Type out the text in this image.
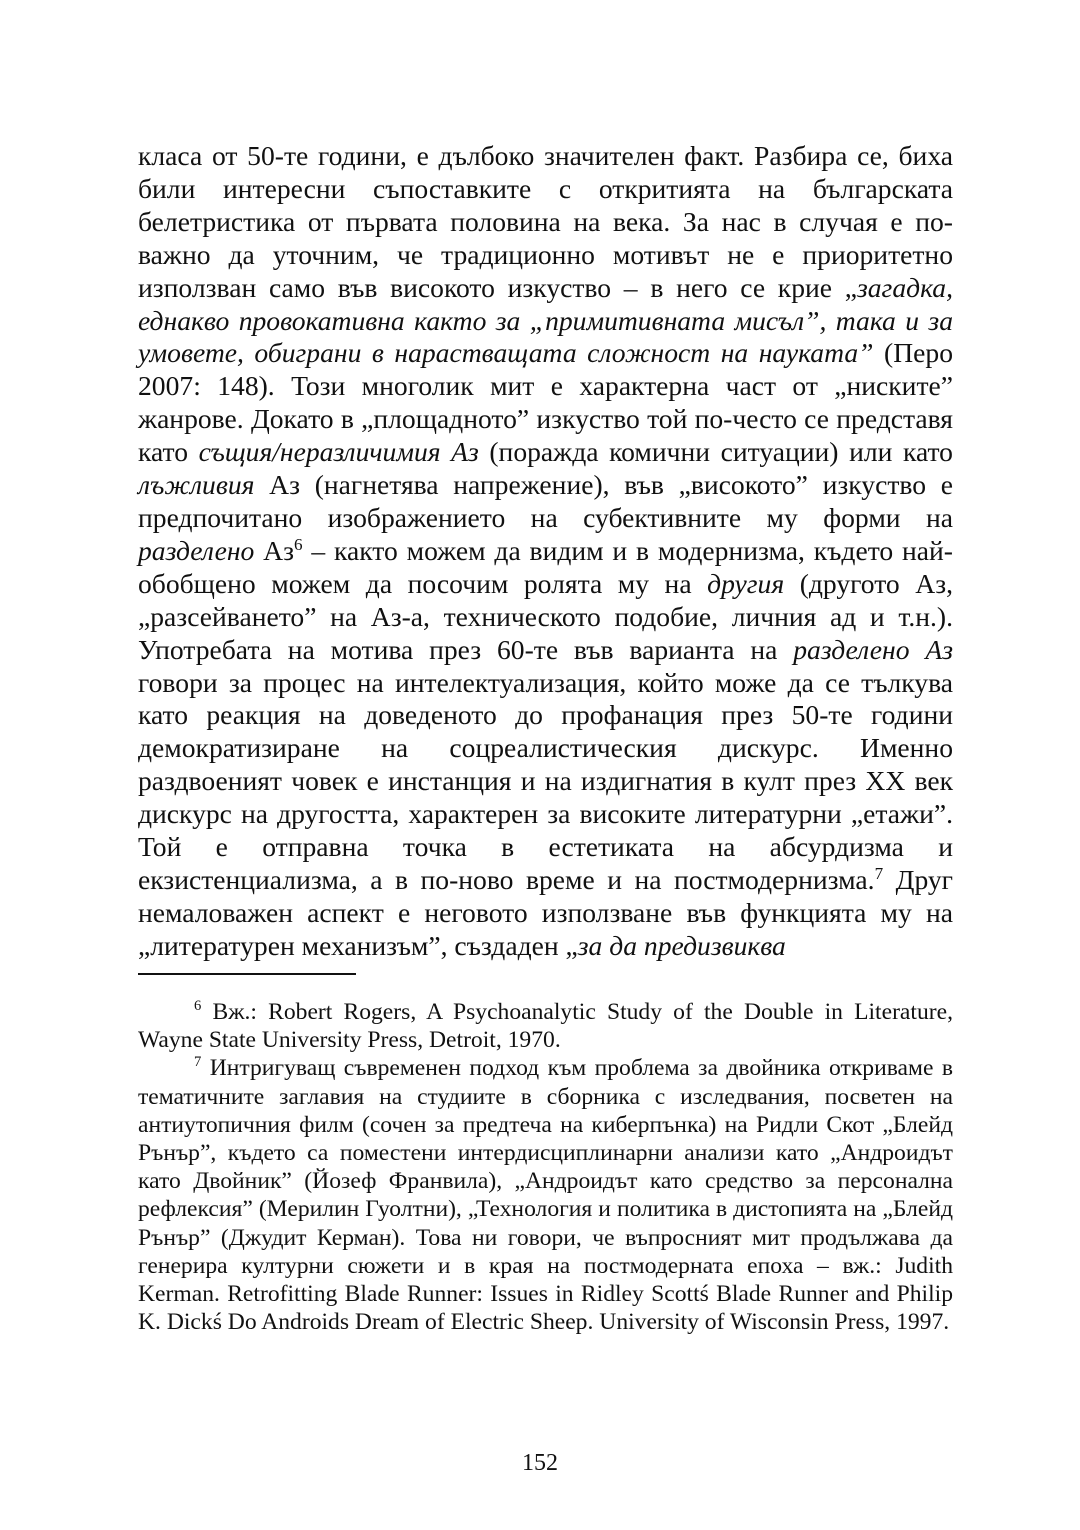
класа от 50-те години, е дълбоко значителен факт. Разбира се, биха били интересни съпоставките с откритията на българската белетристика от първата половина на века. За нас в случая е по-важно да уточним, че традиционно мотивът не е приоритетно използван само във високото изкуство – в него се крие „загадка, еднакво провокативна както за „примитивната мисъл”, така и за умовете, обиграни в нарастващата сложност на науката” (Перо 2007: 148). Този многолик мит е характерна част от „ниските” жанрове. Докато в „площадното” изкуство той по-често се представя като същия/неразличимия Аз (поражда комични ситуации) или като лъжливия Аз (нагнетява напрежение), във „високото” изкуство е предпочитано изображението на субективните му форми на разделено $Аз^6$ – както можем да видим и в модернизма, където най-обобщено можем да посочим ролята му на другия (другото Аз, „разсейването” на Аз-а, техническото подобие, личния ад и т.н.). Употребата на мотива през 60-те във варианта на разделено Аз говори за процес на интелектуализация, който може да се тълкува като реакция на доведеното до профанация през 50-те години демократизиране на соцреалистическия дискурс. Именно раздвоеният човек е инстанция и на издигнатия в култ през XX век дискурс на другостта, характерен за високите литературни „етажи”. Той е отправна точка в естетиката на абсурдизма и екзистенциализма, а в по-ново време и на постмодернизма.$^7$ Друг немаловажен аспект е неговото използване във функцията му на „литературен механизъм”, създаден „за да предизвиква

$^6$ Вж.: Robert Rogers, A Psychoanalytic Study of the Double in Literature, Wayne State University Press, Detroit, 1970.

$^7$ Интригуващ съвременен подход към проблема за двойника откриваме в тематичните заглавия на студиите в сборника с изследвания, посветен на антиутопичния филм (сочен за предтеча на киберпънка) на Ридли Скот „Блейд Рънър”, където са поместени интердисциплинарни анализи като „Андроидът като Двойник” (Йозеф Франвила), „Андроидът като средство за персонална рефлексия” (Мерилин Гуолтни), „Технология и политика в дистопията на „Блейд Рънър” (Джудит Керман). Това ни говори, че въпросният мит продължава да генерира културни сюжети и в края на постмодерната епоха – вж.: Judith Kerman. Retrofitting Blade Runner: Issues in Ridley Scottś Blade Runner and Philip K. Dickś Do Androids Dream of Electric Sheep. University of Wisconsin Press, 1997.

152
